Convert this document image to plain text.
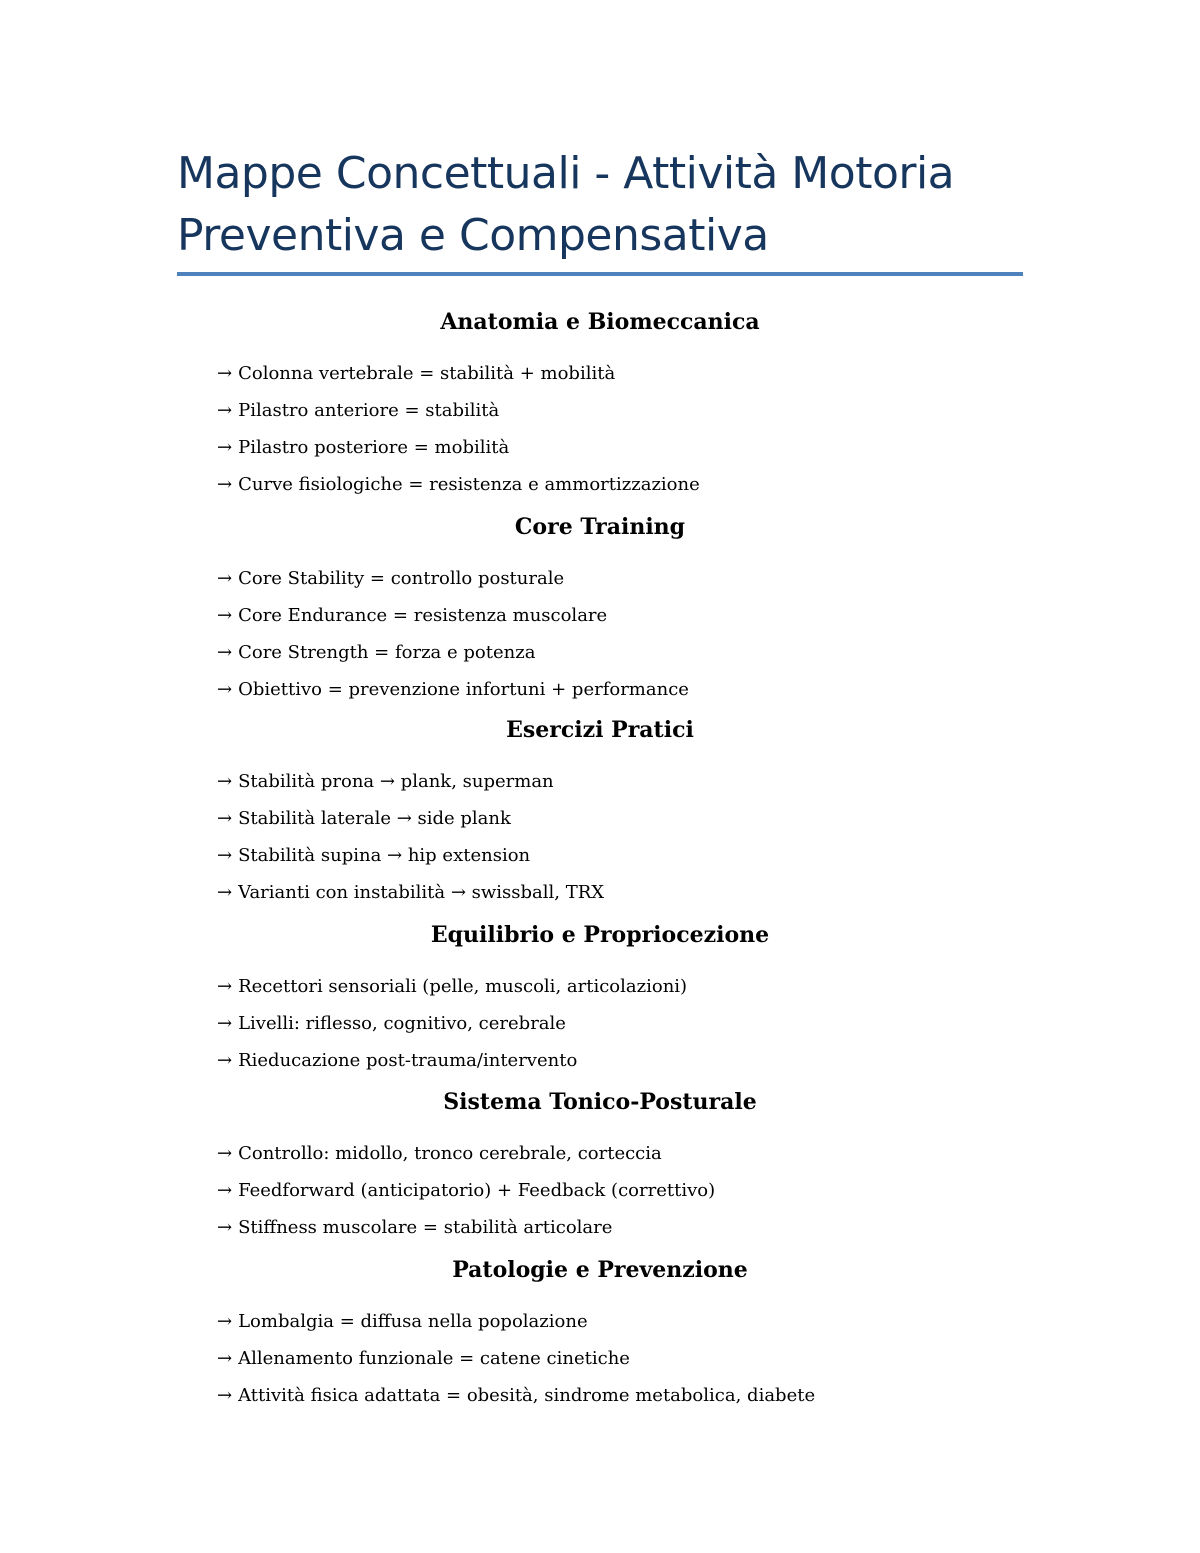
Mappe Concettuali - Attività Motoria Preventiva e Compensativa
Anatomia e Biomeccanica
→ Colonna vertebrale = stabilità + mobilità
→ Pilastro anteriore = stabilità
→ Pilastro posteriore = mobilità
→ Curve fisiologiche = resistenza e ammortizzazione
Core Training
→ Core Stability = controllo posturale
→ Core Endurance = resistenza muscolare
→ Core Strength = forza e potenza
→ Obiettivo = prevenzione infortuni + performance
Esercizi Pratici
→ Stabilità prona → plank, superman
→ Stabilità laterale → side plank
→ Stabilità supina → hip extension
→ Varianti con instabilità → swissball, TRX
Equilibrio e Propriocezione
→ Recettori sensoriali (pelle, muscoli, articolazioni)
→ Livelli: riflesso, cognitivo, cerebrale
→ Rieducazione post-trauma/intervento
Sistema Tonico-Posturale
→ Controllo: midollo, tronco cerebrale, corteccia
→ Feedforward (anticipatorio) + Feedback (correttivo)
→ Stiffness muscolare = stabilità articolare
Patologie e Prevenzione
→ Lombalgia = diffusa nella popolazione
→ Allenamento funzionale = catene cinetiche
→ Attività fisica adattata = obesità, sindrome metabolica, diabete
